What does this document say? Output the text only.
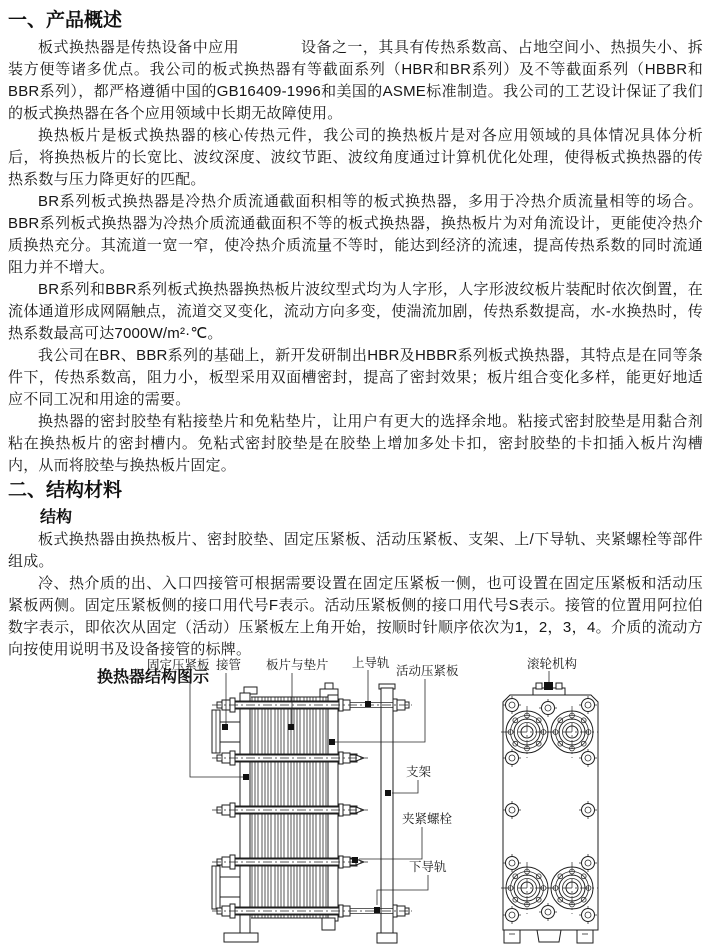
一、产品概述

板式换热器是传热设备中应用　　　　设备之一，其具有传热系数高、占地空间小、热损失小、拆装方便等诸多优点。我公司的板式换热器有等截面系列（HBR和BR系列）及不等截面系列（HBBR和BBR系列），都严格遵循中国的GB16409-1996和美国的ASME标准制造。我公司的工艺设计保证了我们的板式换热器在各个应用领域中长期无故障使用。

换热板片是板式换热器的核心传热元件，我公司的换热板片是对各应用领域的具体情况具体分析后，将换热板片的长宽比、波纹深度、波纹节距、波纹角度通过计算机优化处理，使得板式换热器的传热系数与压力降更好的匹配。

BR系列板式换热器是冷热介质流通截面积相等的板式换热器，多用于冷热介质流量相等的场合。BBR系列板式换热器为冷热介质流通截面积不等的板式换热器，换热板片为对角流设计，更能使冷热介质换热充分。其流道一宽一窄，使冷热介质流量不等时，能达到经济的流速，提高传热系数的同时流通阻力并不增大。

BR系列和BBR系列板式换热器换热板片波纹型式均为人字形，人字形波纹板片装配时依次倒置，在流体通道形成网隔触点，流道交叉变化，流动方向多变，使湍流加剧，传热系数提高，水-水换热时，传热系数最高可达7000W/m²·℃。

我公司在BR、BBR系列的基础上，新开发研制出HBR及HBBR系列板式换热器，其特点是在同等条件下，传热系数高，阻力小，板型采用双面槽密封，提高了密封效果；板片组合变化多样，能更好地适应不同工况和用途的需要。

换热器的密封胶垫有粘接垫片和免粘垫片，让用户有更大的选择余地。粘接式密封胶垫是用黏合剂粘在换热板片的密封槽内。免粘式密封胶垫是在胶垫上增加多处卡扣，密封胶垫的卡扣插入板片沟槽内，从而将胶垫与换热板片固定。

二、结构材料
结构

板式换热器由换热板片、密封胶垫、固定压紧板、活动压紧板、支架、上/下导轨、夹紧螺栓等部件组成。

冷、热介质的出、入口四接管可根据需要设置在固定压紧板一侧，也可设置在固定压紧板和活动压紧板两侧。固定压紧板侧的接口用代号F表示。活动压紧板侧的接口用代号S表示。接管的位置用阿拉伯数字表示，即依次从固定（活动）压紧板左上角开始，按顺时针顺序依次为1，2，3，4。介质的流动方向按使用说明书及设备接管的标牌。

换热器结构图示
固定压紧板 接管 板片与垫片 上导轨
活动压紧板	滚轮机构
支架
夹紧螺栓
下导轨
